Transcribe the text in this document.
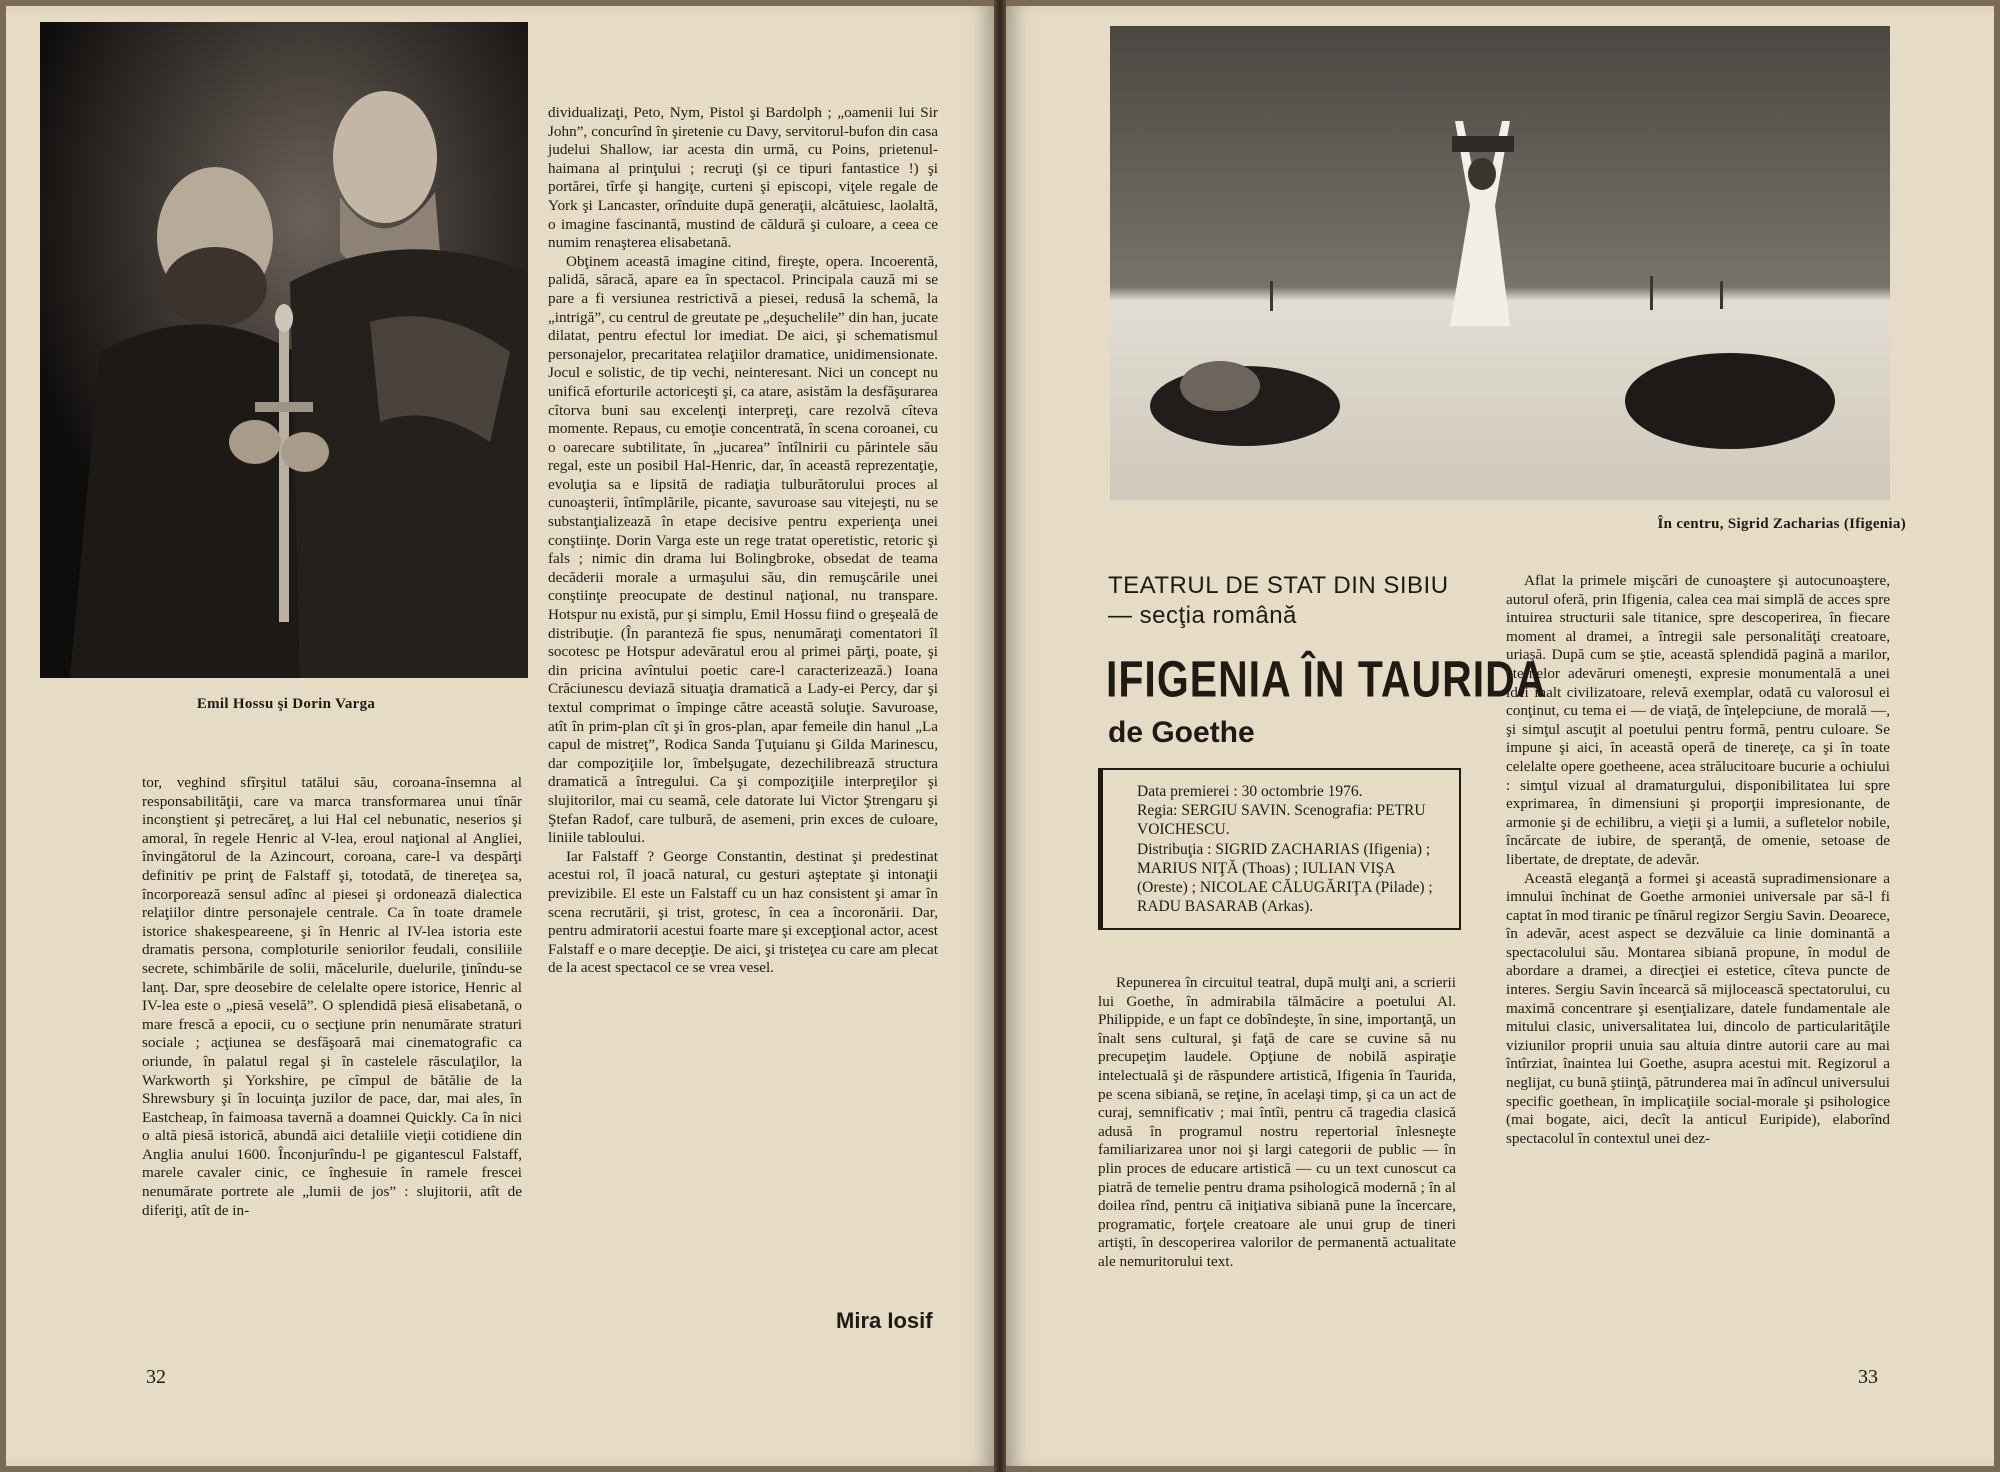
Emil Hossu şi Dorin Varga

tor, veghind sfîrşitul tatălui său, coroana-însemna al responsabilităţii, care va marca transformarea unui tînăr inconştient şi petrecăreţ, a lui Hal cel nebunatic, neserios şi amoral, în regele Henric al V-lea, eroul naţional al Angliei, învingătorul de la Azincourt, coroana, care-l va despărţi definitiv pe prinţ de Falstaff şi, totodată, de tinereţea sa, încorporează sensul adînc al piesei şi ordonează dialectica relaţiilor dintre personajele centrale. Ca în toate dramele istorice shakespeareene, şi în Henric al IV-lea istoria este dramatis persona, comploturile seniorilor feudali, consiliile secrete, schimbările de solii, măcelurile, duelurile, ţinîndu-se lanţ. Dar, spre deosebire de celelalte opere istorice, Henric al IV-lea este o „piesă veselă”. O splendidă piesă elisabetană, o mare frescă a epocii, cu o secţiune prin nenumărate straturi sociale ; acţiunea se desfăşoară mai cinematografic ca oriunde, în palatul regal şi în castelele răsculaţilor, la Warkworth şi Yorkshire, pe cîmpul de bătălie de la Shrewsbury şi în locuinţa juzilor de pace, dar, mai ales, în Eastcheap, în faimoasa tavernă a doamnei Quickly. Ca în nici o altă piesă istorică, abundă aici detaliile vieţii cotidiene din Anglia anului 1600. Înconjurîndu-l pe gigantescul Falstaff, marele cavaler cinic, ce înghesuie în ramele frescei nenumărate portrete ale „lumii de jos” : slujitorii, atît de diferiţi, atît de in-

dividualizaţi, Peto, Nym, Pistol şi Bardolph ; „oamenii lui Sir John”, concurînd în şiretenie cu Davy, servitorul-bufon din casa judelui Shallow, iar acesta din urmă, cu Poins, prietenul-haimana al prinţului ; recruţi (şi ce tipuri fantastice !) şi portărei, tîrfe şi hangiţe, curteni şi episcopi, viţele regale de York şi Lancaster, orînduite după generaţii, alcătuiesc, laolaltă, o imagine fascinantă, mustind de căldură şi culoare, a ceea ce numim renaşterea elisabetană.

Obţinem această imagine citind, fireşte, opera. Incoerentă, palidă, săracă, apare ea în spectacol. Principala cauză mi se pare a fi versiunea restrictivă a piesei, redusă la schemă, la „intrigă”, cu centrul de greutate pe „deşuchelile” din han, jucate dilatat, pentru efectul lor imediat. De aici, şi schematismul personajelor, precaritatea relaţiilor dramatice, unidimensionate. Jocul e solistic, de tip vechi, neinteresant. Nici un concept nu unifică eforturile actoriceşti şi, ca atare, asistăm la desfăşurarea cîtorva buni sau excelenţi interpreţi, care rezolvă cîteva momente. Repaus, cu emoţie concentrată, în scena coroanei, cu o oarecare subtilitate, în „jucarea” întîlnirii cu părintele său regal, este un posibil Hal-Henric, dar, în această reprezentaţie, evoluţia sa e lipsită de radiaţia tulburătorului proces al cunoaşterii, întîmplările, picante, savuroase sau vitejeşti, nu se substanţializează în etape decisive pentru experienţa unei conştiinţe. Dorin Varga este un rege tratat operetistic, retoric şi fals ; nimic din drama lui Bolingbroke, obsedat de teama decăderii morale a urmaşului său, din remuşcările unei conştiinţe preocupate de destinul naţional, nu transpare. Hotspur nu există, pur şi simplu, Emil Hossu fiind o greşeală de distribuţie. (În paranteză fie spus, nenumăraţi comentatori îl socotesc pe Hotspur adevăratul erou al primei părţi, poate, şi din pricina avîntului poetic care-l caracterizează.) Ioana Crăciunescu deviază situaţia dramatică a Lady-ei Percy, dar şi textul comprimat o împinge către această soluţie. Savuroase, atît în prim-plan cît şi în gros-plan, apar femeile din hanul „La capul de mistreţ”, Rodica Sanda Ţuţuianu şi Gilda Marinescu, dar compoziţiile lor, îmbelşugate, dezechilibrează structura dramatică a întregului. Ca şi compoziţiile interpreţilor şi slujitorilor, mai cu seamă, cele datorate lui Victor Ştrengaru şi Ştefan Radof, care tulbură, de asemeni, prin exces de culoare, liniile tabloului.

Iar Falstaff ? George Constantin, destinat şi predestinat acestui rol, îl joacă natural, cu gesturi aşteptate şi intonaţii previzibile. El este un Falstaff cu un haz consistent şi amar în scena recrutării, şi trist, grotesc, în cea a încoronării. Dar, pentru admiratorii acestui foarte mare şi excepţional actor, acest Falstaff e o mare decepţie. De aici, şi tristeţea cu care am plecat de la acest spectacol ce se vrea vesel.

Mira Iosif
32
În centru, Sigrid Zacharias (Ifigenia)
TEATRUL DE STAT DIN SIBIU
— secţia română
IFIGENIA ÎN TAURIDA
de Goethe

Data premierei : 30 octombrie 1976.

Regia: SERGIU SAVIN. Scenografia: PETRU VOICHESCU.

Distribuţia : SIGRID ZACHARIAS (Ifigenia) ; MARIUS NIŢĂ (Thoas) ; IULIAN VIŞA (Oreste) ; NICOLAE CĂLUGĂRIŢA (Pilade) ; RADU BASARAB (Arkas).

Repunerea în circuitul teatral, după mulţi ani, a scrierii lui Goethe, în admirabila tălmăcire a poetului Al. Philippide, e un fapt ce dobîndeşte, în sine, importanţă, un înalt sens cultural, şi faţă de care se cuvine să nu precupeţim laudele. Opţiune de nobilă aspiraţie intelectuală şi de răspundere artistică, Ifigenia în Taurida, pe scena sibiană, se reţine, în acelaşi timp, şi ca un act de curaj, semnificativ ; mai întîi, pentru că tragedia clasică adusă în programul nostru repertorial înlesneşte familiarizarea unor noi şi largi categorii de public — în plin proces de educare artistică — cu un text cunoscut ca piatră de temelie pentru drama psihologică modernă ; în al doilea rînd, pentru că iniţiativa sibiană pune la încercare, programatic, forţele creatoare ale unui grup de tineri artişti, în descoperirea valorilor de permanentă actualitate ale nemuritorului text.

Aflat la primele mişcări de cunoaştere şi autocunoaştere, autorul oferă, prin Ifigenia, calea cea mai simplă de acces spre intuirea structurii sale titanice, spre descoperirea, în fiecare moment al dramei, a întregii sale personalităţi creatoare, uriaşă. După cum se ştie, această splendidă pagină a marilor, eternelor adevăruri omeneşti, expresie monumentală a unei idei înalt civilizatoare, relevă exemplar, odată cu valorosul ei conţinut, cu tema ei — de viaţă, de înţelepciune, de morală —, şi simţul ascuţit al poetului pentru formă, pentru culoare. Se impune şi aici, în această operă de tinereţe, ca şi în toate celelalte opere goetheene, acea strălucitoare bucurie a ochiului : simţul vizual al dramaturgului, disponibilitatea lui spre exprimarea, în dimensiuni şi proporţii impresionante, de armonie şi de echilibru, a vieţii şi a lumii, a sufletelor nobile, încărcate de iubire, de speranţă, de omenie, setoase de libertate, de dreptate, de adevăr.

Această eleganţă a formei şi această supradimensionare a imnului închinat de Goethe armoniei universale par să-l fi captat în mod tiranic pe tînărul regizor Sergiu Savin. Deoarece, în adevăr, acest aspect se dezvăluie ca linie dominantă a spectacolului său. Montarea sibiană propune, în modul de abordare a dramei, a direcţiei ei estetice, cîteva puncte de interes. Sergiu Savin încearcă să mijlocească spectatorului, cu maximă concentrare şi esenţializare, datele fundamentale ale mitului clasic, universalitatea lui, dincolo de particularităţile viziunilor proprii unuia sau altuia dintre autorii care au mai întîrziat, înaintea lui Goethe, asupra acestui mit. Regizorul a neglijat, cu bună ştiinţă, pătrunderea mai în adîncul universului specific goethean, în implicaţiile social-morale şi psihologice (mai bogate, aici, decît la anticul Euripide), elaborînd spectacolul în contextul unei dez-

33
